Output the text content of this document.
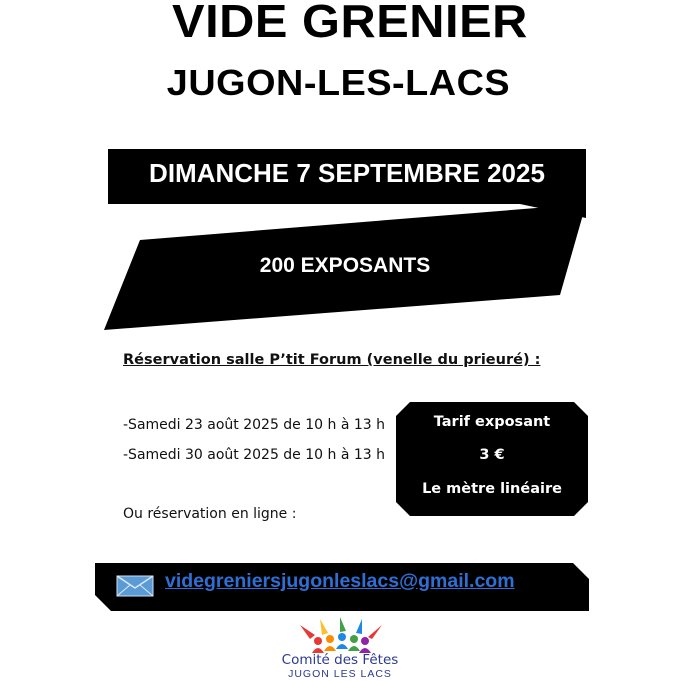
VIDE GRENIER
JUGON-LES-LACS
DIMANCHE 7 SEPTEMBRE 2025
200 EXPOSANTS
Réservation salle P’tit Forum (venelle du prieuré) :
-Samedi 23 août 2025 de 10 h à 13 h
-Samedi 30 août 2025 de 10 h à 13 h
Ou réservation en ligne :
Tarif exposant
3 €
Le mètre linéaire
videgreniersjugonleslacs@gmail.com
Comité des Fêtes
JUGON LES LACS
